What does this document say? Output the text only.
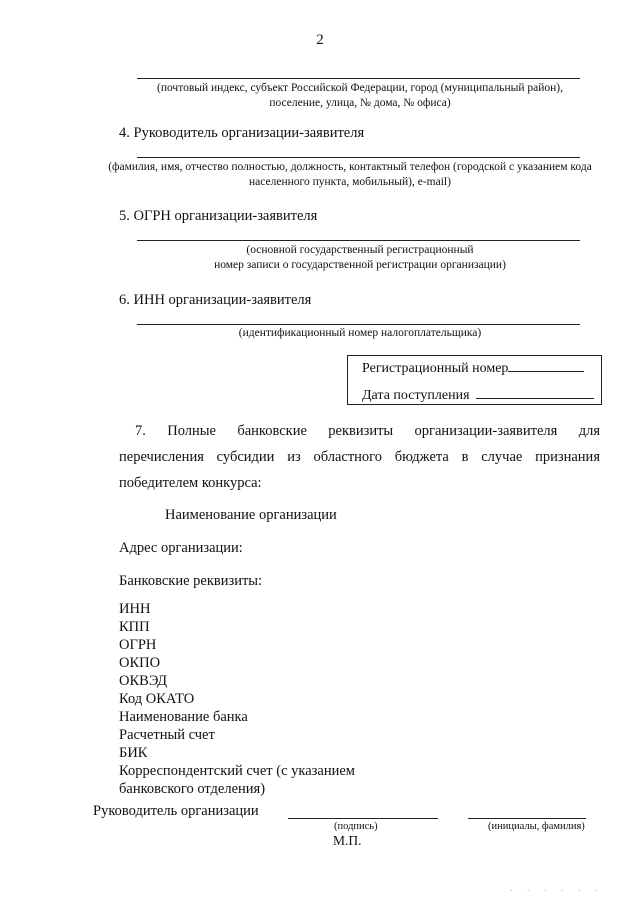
2
(почтовый индекс, субъект Российской Федерации, город (муниципальный район),
поселение, улица, № дома, № офиса)
4. Руководитель организации-заявителя
(фамилия, имя, отчество полностью, должность, контактный телефон (городской с указанием кода
населенного пункта, мобильный), e-mail)
5. ОГРН организации-заявителя
(основной государственный регистрационный
номер записи о государственной регистрации организации)
6. ИНН организации-заявителя
(идентификационный номер налогоплательщика)
Регистрационный номер
Дата поступления
7. Полные банковские реквизиты организации-заявителя для
перечисления субсидии из областного бюджета в случае признания
победителем конкурса:
Наименование организации
Адрес организации:
Банковские реквизиты:
ИНН
КПП
ОГРН
ОКПО
ОКВЭД
Код ОКАТО
Наименование банка
Расчетный счет
БИК
Корреспондентский счет (с указанием
банковского отделения)
Руководитель организации
(подпись)	(инициалы, фамилия)
М.П.
. . . . . .
